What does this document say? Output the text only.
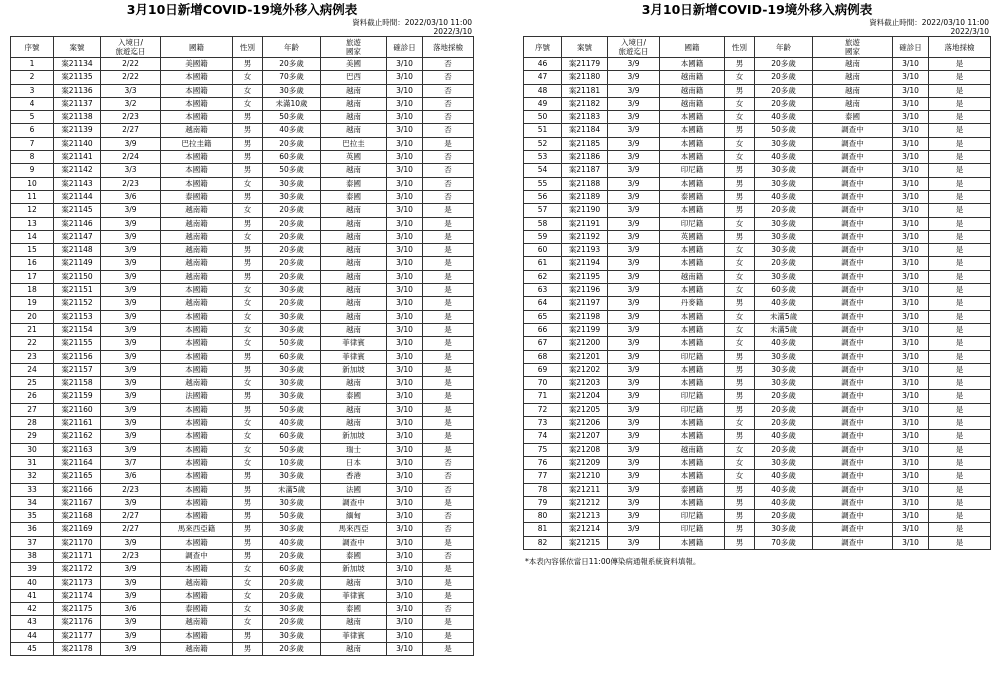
3月10日新增COVID-19境外移入病例表
資料截止時間：2022/03/10 11:00
2022/3/10
序號	案號	入境日/
旅遊迄日	國籍	性別	年齡	旅遊
國家	確診日	落地採檢
1	案21134	2/22	美國籍	男	20多歲	美國	3/10	否
2	案21135	2/22	本國籍	女	70多歲	巴西	3/10	否
3	案21136	3/3	本國籍	女	30多歲	越南	3/10	否
4	案21137	3/2	本國籍	女	未滿10歲	越南	3/10	否
5	案21138	2/23	本國籍	男	50多歲	越南	3/10	否
6	案21139	2/27	越南籍	男	40多歲	越南	3/10	否
7	案21140	3/9	巴拉圭籍	男	20多歲	巴拉圭	3/10	是
8	案21141	2/24	本國籍	男	60多歲	英國	3/10	否
9	案21142	3/3	本國籍	男	50多歲	越南	3/10	否
10	案21143	2/23	本國籍	女	30多歲	泰國	3/10	否
11	案21144	3/6	泰國籍	男	30多歲	泰國	3/10	否
12	案21145	3/9	越南籍	女	20多歲	越南	3/10	是
13	案21146	3/9	越南籍	男	20多歲	越南	3/10	是
14	案21147	3/9	越南籍	女	20多歲	越南	3/10	是
15	案21148	3/9	越南籍	男	20多歲	越南	3/10	是
16	案21149	3/9	越南籍	男	20多歲	越南	3/10	是
17	案21150	3/9	越南籍	男	20多歲	越南	3/10	是
18	案21151	3/9	本國籍	女	30多歲	越南	3/10	是
19	案21152	3/9	越南籍	女	20多歲	越南	3/10	是
20	案21153	3/9	本國籍	女	30多歲	越南	3/10	是
21	案21154	3/9	本國籍	女	30多歲	越南	3/10	是
22	案21155	3/9	本國籍	女	50多歲	菲律賓	3/10	是
23	案21156	3/9	本國籍	男	60多歲	菲律賓	3/10	是
24	案21157	3/9	本國籍	男	30多歲	新加坡	3/10	是
25	案21158	3/9	越南籍	女	30多歲	越南	3/10	是
26	案21159	3/9	法國籍	男	30多歲	泰國	3/10	是
27	案21160	3/9	本國籍	男	50多歲	越南	3/10	是
28	案21161	3/9	本國籍	女	40多歲	越南	3/10	是
29	案21162	3/9	本國籍	女	60多歲	新加坡	3/10	是
30	案21163	3/9	本國籍	女	50多歲	瑞士	3/10	是
31	案21164	3/7	本國籍	女	10多歲	日本	3/10	否
32	案21165	3/6	本國籍	男	30多歲	香港	3/10	否
33	案21166	2/23	本國籍	男	未滿5歲	法國	3/10	否
34	案21167	3/9	本國籍	男	30多歲	調查中	3/10	是
35	案21168	2/27	本國籍	男	50多歲	緬甸	3/10	否
36	案21169	2/27	馬來西亞籍	男	30多歲	馬來西亞	3/10	否
37	案21170	3/9	本國籍	男	40多歲	調查中	3/10	是
38	案21171	2/23	調查中	男	20多歲	泰國	3/10	否
39	案21172	3/9	本國籍	女	60多歲	新加坡	3/10	是
40	案21173	3/9	越南籍	女	20多歲	越南	3/10	是
41	案21174	3/9	本國籍	女	20多歲	菲律賓	3/10	是
42	案21175	3/6	泰國籍	女	30多歲	泰國	3/10	否
43	案21176	3/9	越南籍	女	20多歲	越南	3/10	是
44	案21177	3/9	本國籍	男	30多歲	菲律賓	3/10	是
45	案21178	3/9	越南籍	男	20多歲	越南	3/10	是
3月10日新增COVID-19境外移入病例表
資料截止時間：2022/03/10 11:00
2022/3/10
序號	案號	入境日/
旅遊迄日	國籍	性別	年齡	旅遊
國家	確診日	落地採檢
46	案21179	3/9	本國籍	男	20多歲	越南	3/10	是
47	案21180	3/9	越南籍	女	20多歲	越南	3/10	是
48	案21181	3/9	越南籍	男	20多歲	越南	3/10	是
49	案21182	3/9	越南籍	女	20多歲	越南	3/10	是
50	案21183	3/9	本國籍	女	40多歲	泰國	3/10	是
51	案21184	3/9	本國籍	男	50多歲	調查中	3/10	是
52	案21185	3/9	本國籍	女	30多歲	調查中	3/10	是
53	案21186	3/9	本國籍	女	40多歲	調查中	3/10	是
54	案21187	3/9	印尼籍	男	30多歲	調查中	3/10	是
55	案21188	3/9	本國籍	男	30多歲	調查中	3/10	是
56	案21189	3/9	泰國籍	男	40多歲	調查中	3/10	是
57	案21190	3/9	本國籍	男	20多歲	調查中	3/10	是
58	案21191	3/9	印尼籍	女	30多歲	調查中	3/10	是
59	案21192	3/9	英國籍	男	30多歲	調查中	3/10	是
60	案21193	3/9	本國籍	女	30多歲	調查中	3/10	是
61	案21194	3/9	本國籍	女	20多歲	調查中	3/10	是
62	案21195	3/9	越南籍	女	30多歲	調查中	3/10	是
63	案21196	3/9	本國籍	女	60多歲	調查中	3/10	是
64	案21197	3/9	丹麥籍	男	40多歲	調查中	3/10	是
65	案21198	3/9	本國籍	女	未滿5歲	調查中	3/10	是
66	案21199	3/9	本國籍	女	未滿5歲	調查中	3/10	是
67	案21200	3/9	本國籍	女	40多歲	調查中	3/10	是
68	案21201	3/9	印尼籍	男	30多歲	調查中	3/10	是
69	案21202	3/9	本國籍	男	30多歲	調查中	3/10	是
70	案21203	3/9	本國籍	男	30多歲	調查中	3/10	是
71	案21204	3/9	印尼籍	男	20多歲	調查中	3/10	是
72	案21205	3/9	印尼籍	男	20多歲	調查中	3/10	是
73	案21206	3/9	本國籍	女	20多歲	調查中	3/10	是
74	案21207	3/9	本國籍	男	40多歲	調查中	3/10	是
75	案21208	3/9	越南籍	女	20多歲	調查中	3/10	是
76	案21209	3/9	本國籍	女	30多歲	調查中	3/10	是
77	案21210	3/9	本國籍	女	40多歲	調查中	3/10	是
78	案21211	3/9	泰國籍	男	40多歲	調查中	3/10	是
79	案21212	3/9	本國籍	男	40多歲	調查中	3/10	是
80	案21213	3/9	印尼籍	男	20多歲	調查中	3/10	是
81	案21214	3/9	印尼籍	男	30多歲	調查中	3/10	是
82	案21215	3/9	本國籍	男	70多歲	調查中	3/10	是
*本表內容係依當日11:00傳染病通報系統資料填報。
